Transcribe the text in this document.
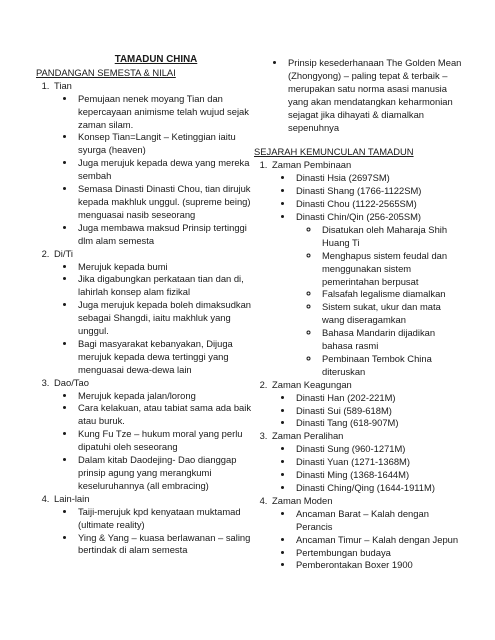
TAMADUN CHINA

PANDANGAN SEMESTA & NILAI

1. Tian
• Pemujaan nenek moyang Tian dan kepercayaan animisme telah wujud sejak zaman silam.
• Konsep Tian=Langit – Ketinggian iaitu syurga (heaven)
• Juga merujuk kepada dewa yang mereka sembah
• Semasa Dinasti Dinasti Chou, tian dirujuk kepada makhluk unggul. (supreme being) menguasai nasib seseorang
• Juga membawa maksud Prinsip tertinggi dlm alam semesta
2. Di/Ti
• Merujuk kepada bumi
• Jika digabungkan perkataan tian dan di, lahirlah konsep alam fizikal
• Juga merujuk kepada boleh dimaksudkan sebagai Shangdi, iaitu makhluk yang unggul.
• Bagi masyarakat kebanyakan, Dijuga merujuk kepada dewa tertinggi yang menguasai dewa-dewa lain
3. Dao/Tao
• Merujuk kepada jalan/lorong
• Cara kelakuan, atau tabiat sama ada baik atau buruk.
• Kung Fu Tze – hukum moral yang perlu dipatuhi oleh seseorang
• Dalam kitab Daodejing- Dao dianggap prinsip agung yang merangkumi keseluruhannya (all embracing)
4. Lain-lain
• Taiji-merujuk kpd kenyataan muktamad (ultimate reality)
• Ying & Yang – kuasa berlawanan – saling bertindak di alam semesta
• Prinsip kesederhanaan The Golden Mean (Zhongyong) – paling tepat & terbaik – merupakan satu norma asasi manusia yang akan mendatangkan keharmonian sejagat jika dihayati & diamalkan sepenuhnya

SEJARAH KEMUNCULAN TAMADUN

1. Zaman Pembinaan
• Dinasti Hsia (2697SM)
• Dinasti Shang (1766-1122SM)
• Dinasti Chou (1122-2565SM)
• Dinasti Chin/Qin (256-205SM)
◦ Disatukan oleh Maharaja Shih Huang Ti
◦ Menghapus sistem feudal dan menggunakan sistem pemerintahan berpusat
◦ Falsafah legalisme diamalkan
◦ Sistem sukat, ukur dan mata wang diseragamkan
◦ Bahasa Mandarin dijadikan bahasa rasmi
◦ Pembinaan Tembok China diteruskan
2. Zaman Keagungan
• Dinasti Han (202-221M)
• Dinasti Sui (589-618M)
• Dinasti Tang (618-907M)
3. Zaman Peralihan
• Dinasti Sung (960-1271M)
• Dinasti Yuan (1271-1368M)
• Dinasti Ming (1368-1644M)
• Dinasti Ching/Qing (1644-1911M)
4. Zaman Moden
• Ancaman Barat – Kalah dengan Perancis
• Ancaman Timur – Kalah dengan Jepun
• Pertembungan budaya
• Pemberontakan Boxer 1900
